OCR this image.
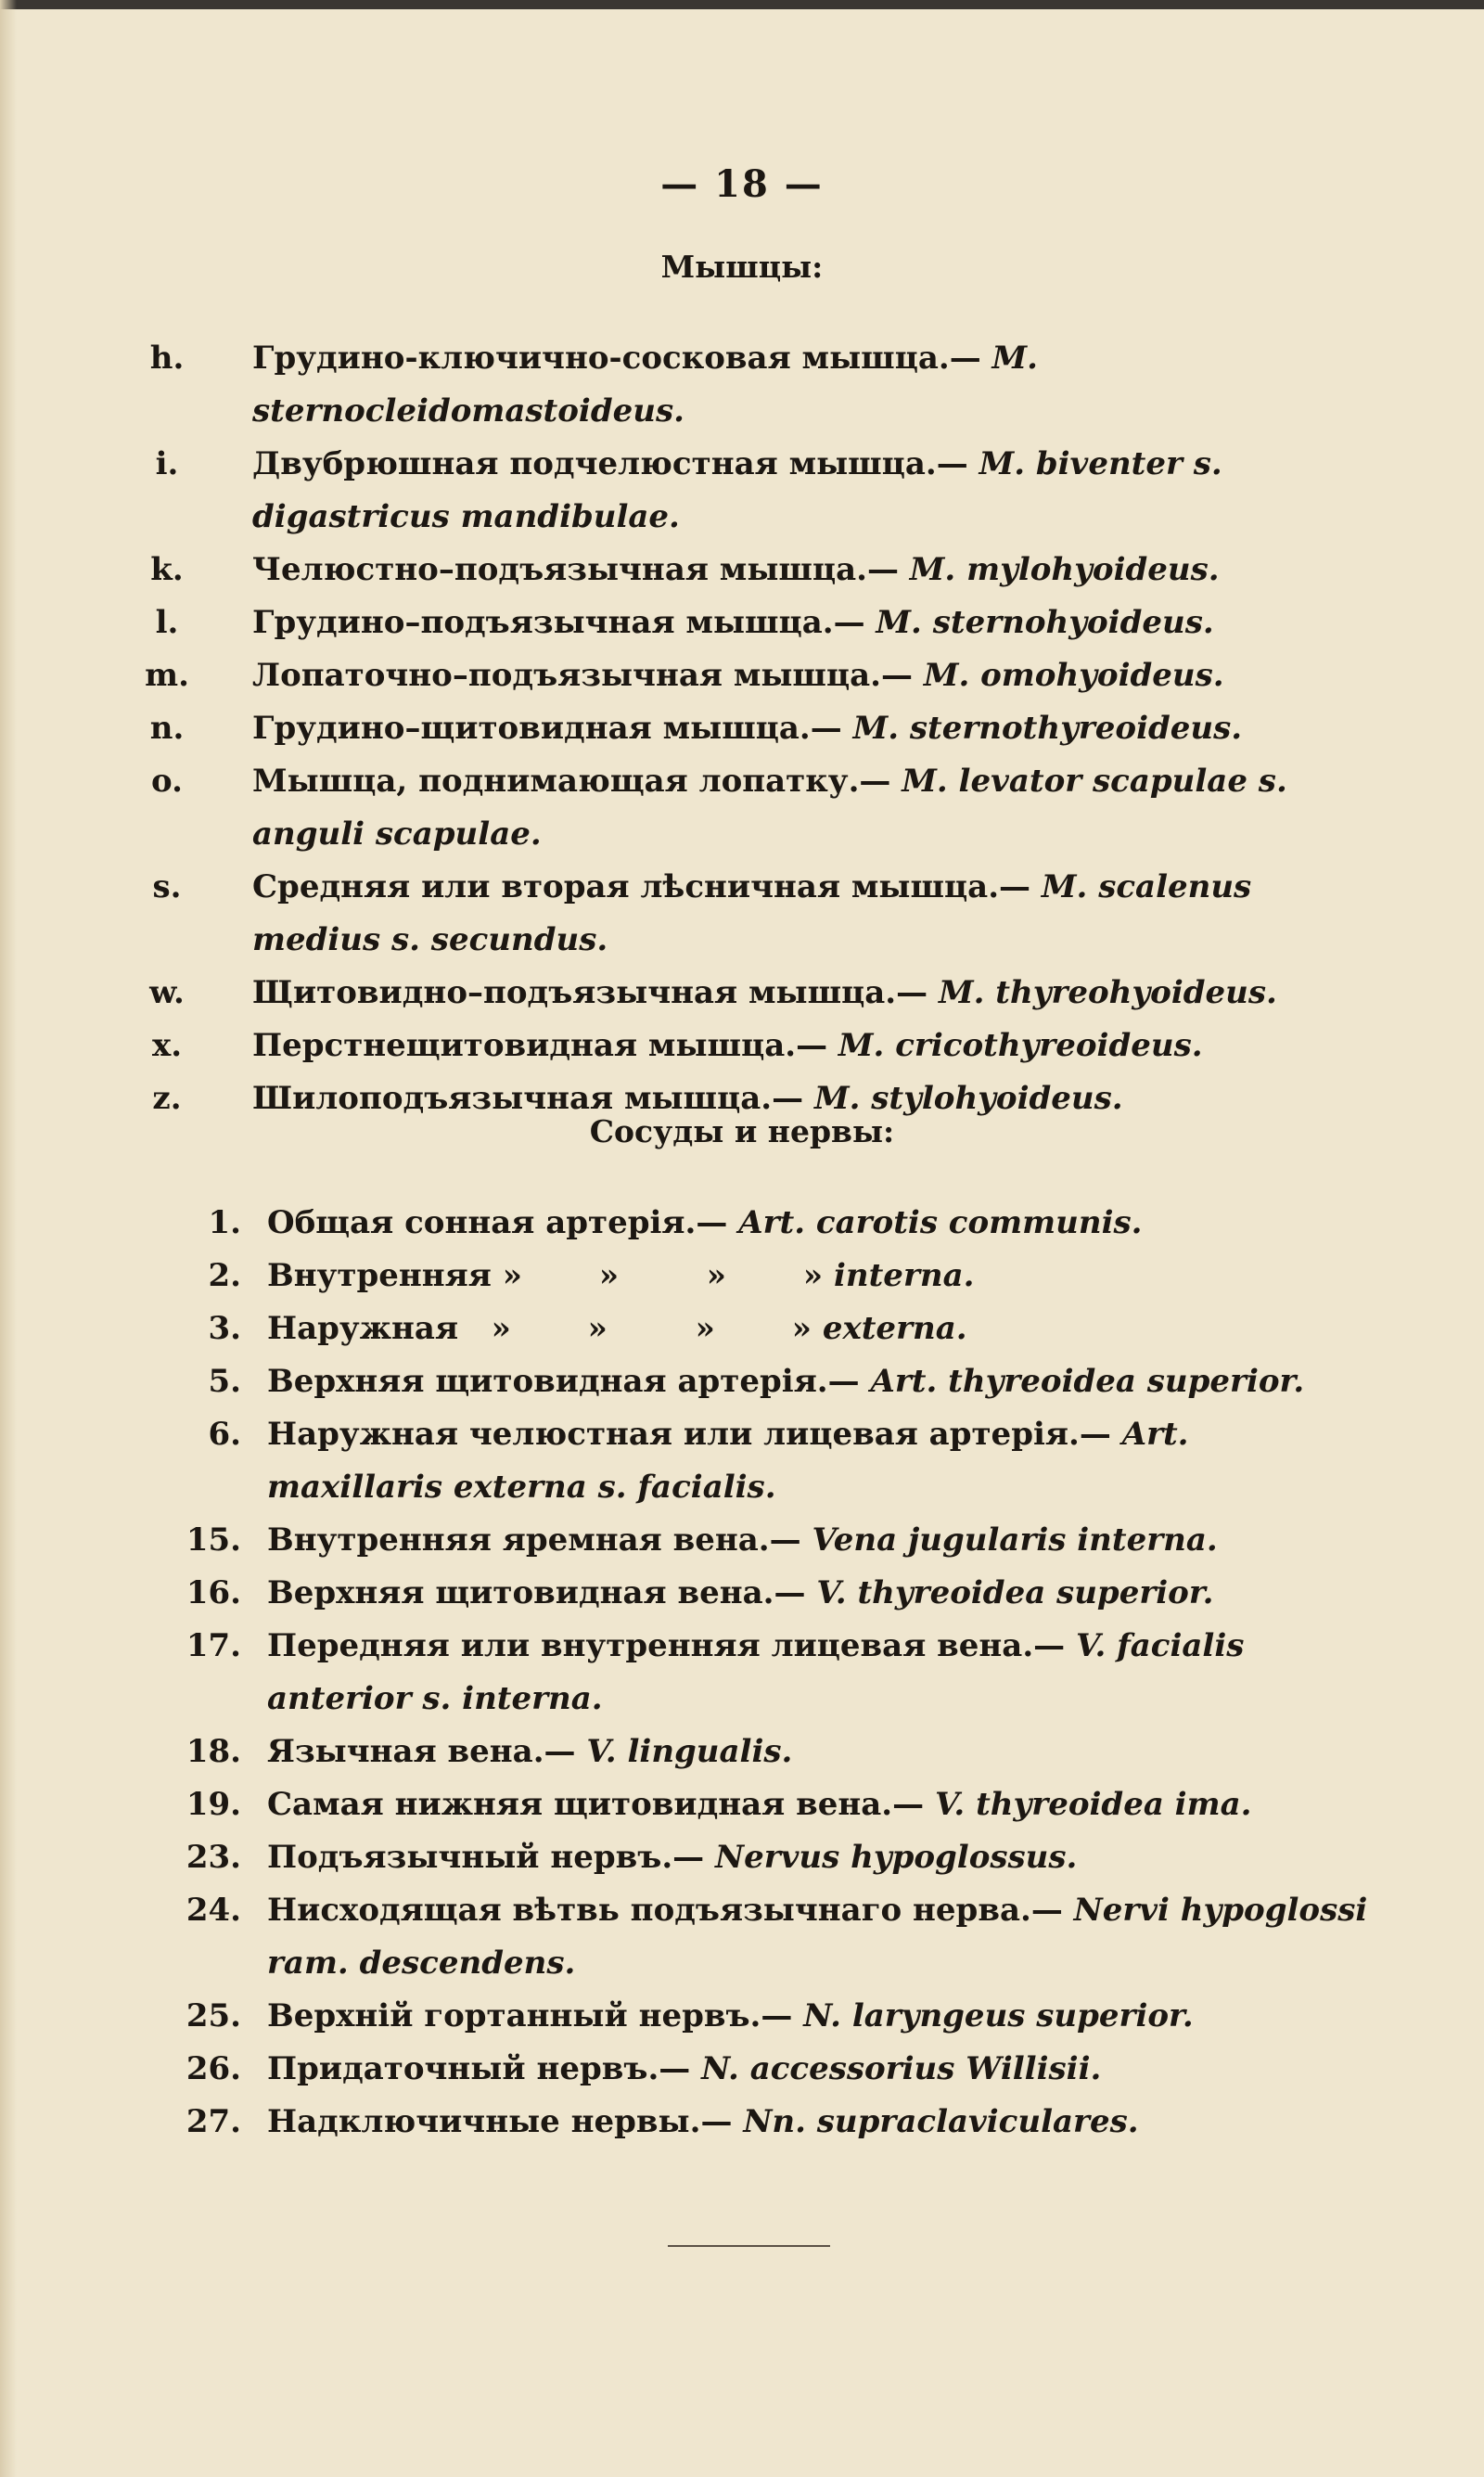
— 18 —
Мышцы:
h.	Грудино-ключично-сосковая мышца.— M. sternocleidomastoideus.
i.	Двубрюшная подчелюстная мышца.— M. biventer s. digastricus mandibulae.
k.	Челюстно–подъязычная мышца.— M. mylohyoideus.
l.	Грудино–подъязычная мышца.— M. sternohyoideus.
m. Лопаточно–подъязычная мышца.— M. omohyoideus.
n.	Грудино–щитовидная мышца.— M. sternothyreoideus.
o.	Мышца, поднимающая лопатку.— M. levator scapulae s. anguli scapulae.
s.	Средняя или вторая лѣсничная мышца.— M. scalenus medius s. secundus.
w.	Щитовидно–подъязычная мышца.— M. thyreohyoideus.
x.	Перстнещитовидная мышца.— M. cricothyreoideus.
z.	Шилоподъязычная мышца.— M. stylohyoideus.
Сосуды и нервы:
1. Общая сонная артерія.— Art. carotis communis.
2. Внутренняя »       »        »       » interna.
3. Наружная   »       »        »       » externa.
5. Верхняя щитовидная артерія.— Art. thyreoidea superior.
6. Наружная челюстная или лицевая артерія.— Art. maxillaris externa s. facialis.
15. Внутренняя яремная вена.— Vena jugularis interna.
16. Верхняя щитовидная вена.— V. thyreoidea superior.
17. Передняя или внутренняя лицевая вена.— V. facialis anterior s. interna.
18. Язычная вена.— V. lingualis.
19. Самая нижняя щитовидная вена.— V. thyreoidea ima.
23. Подъязычный нервъ.— Nervus hypoglossus.
24. Нисходящая вѣтвь подъязычнаго нерва.— Nervi hypoglossi ram. descendens.
25. Верхній гортанный нервъ.— N. laryngeus superior.
26. Придаточный нервъ.— N. accessorius Willisii.
27. Надключичные нервы.— Nn. supraclaviculares.
